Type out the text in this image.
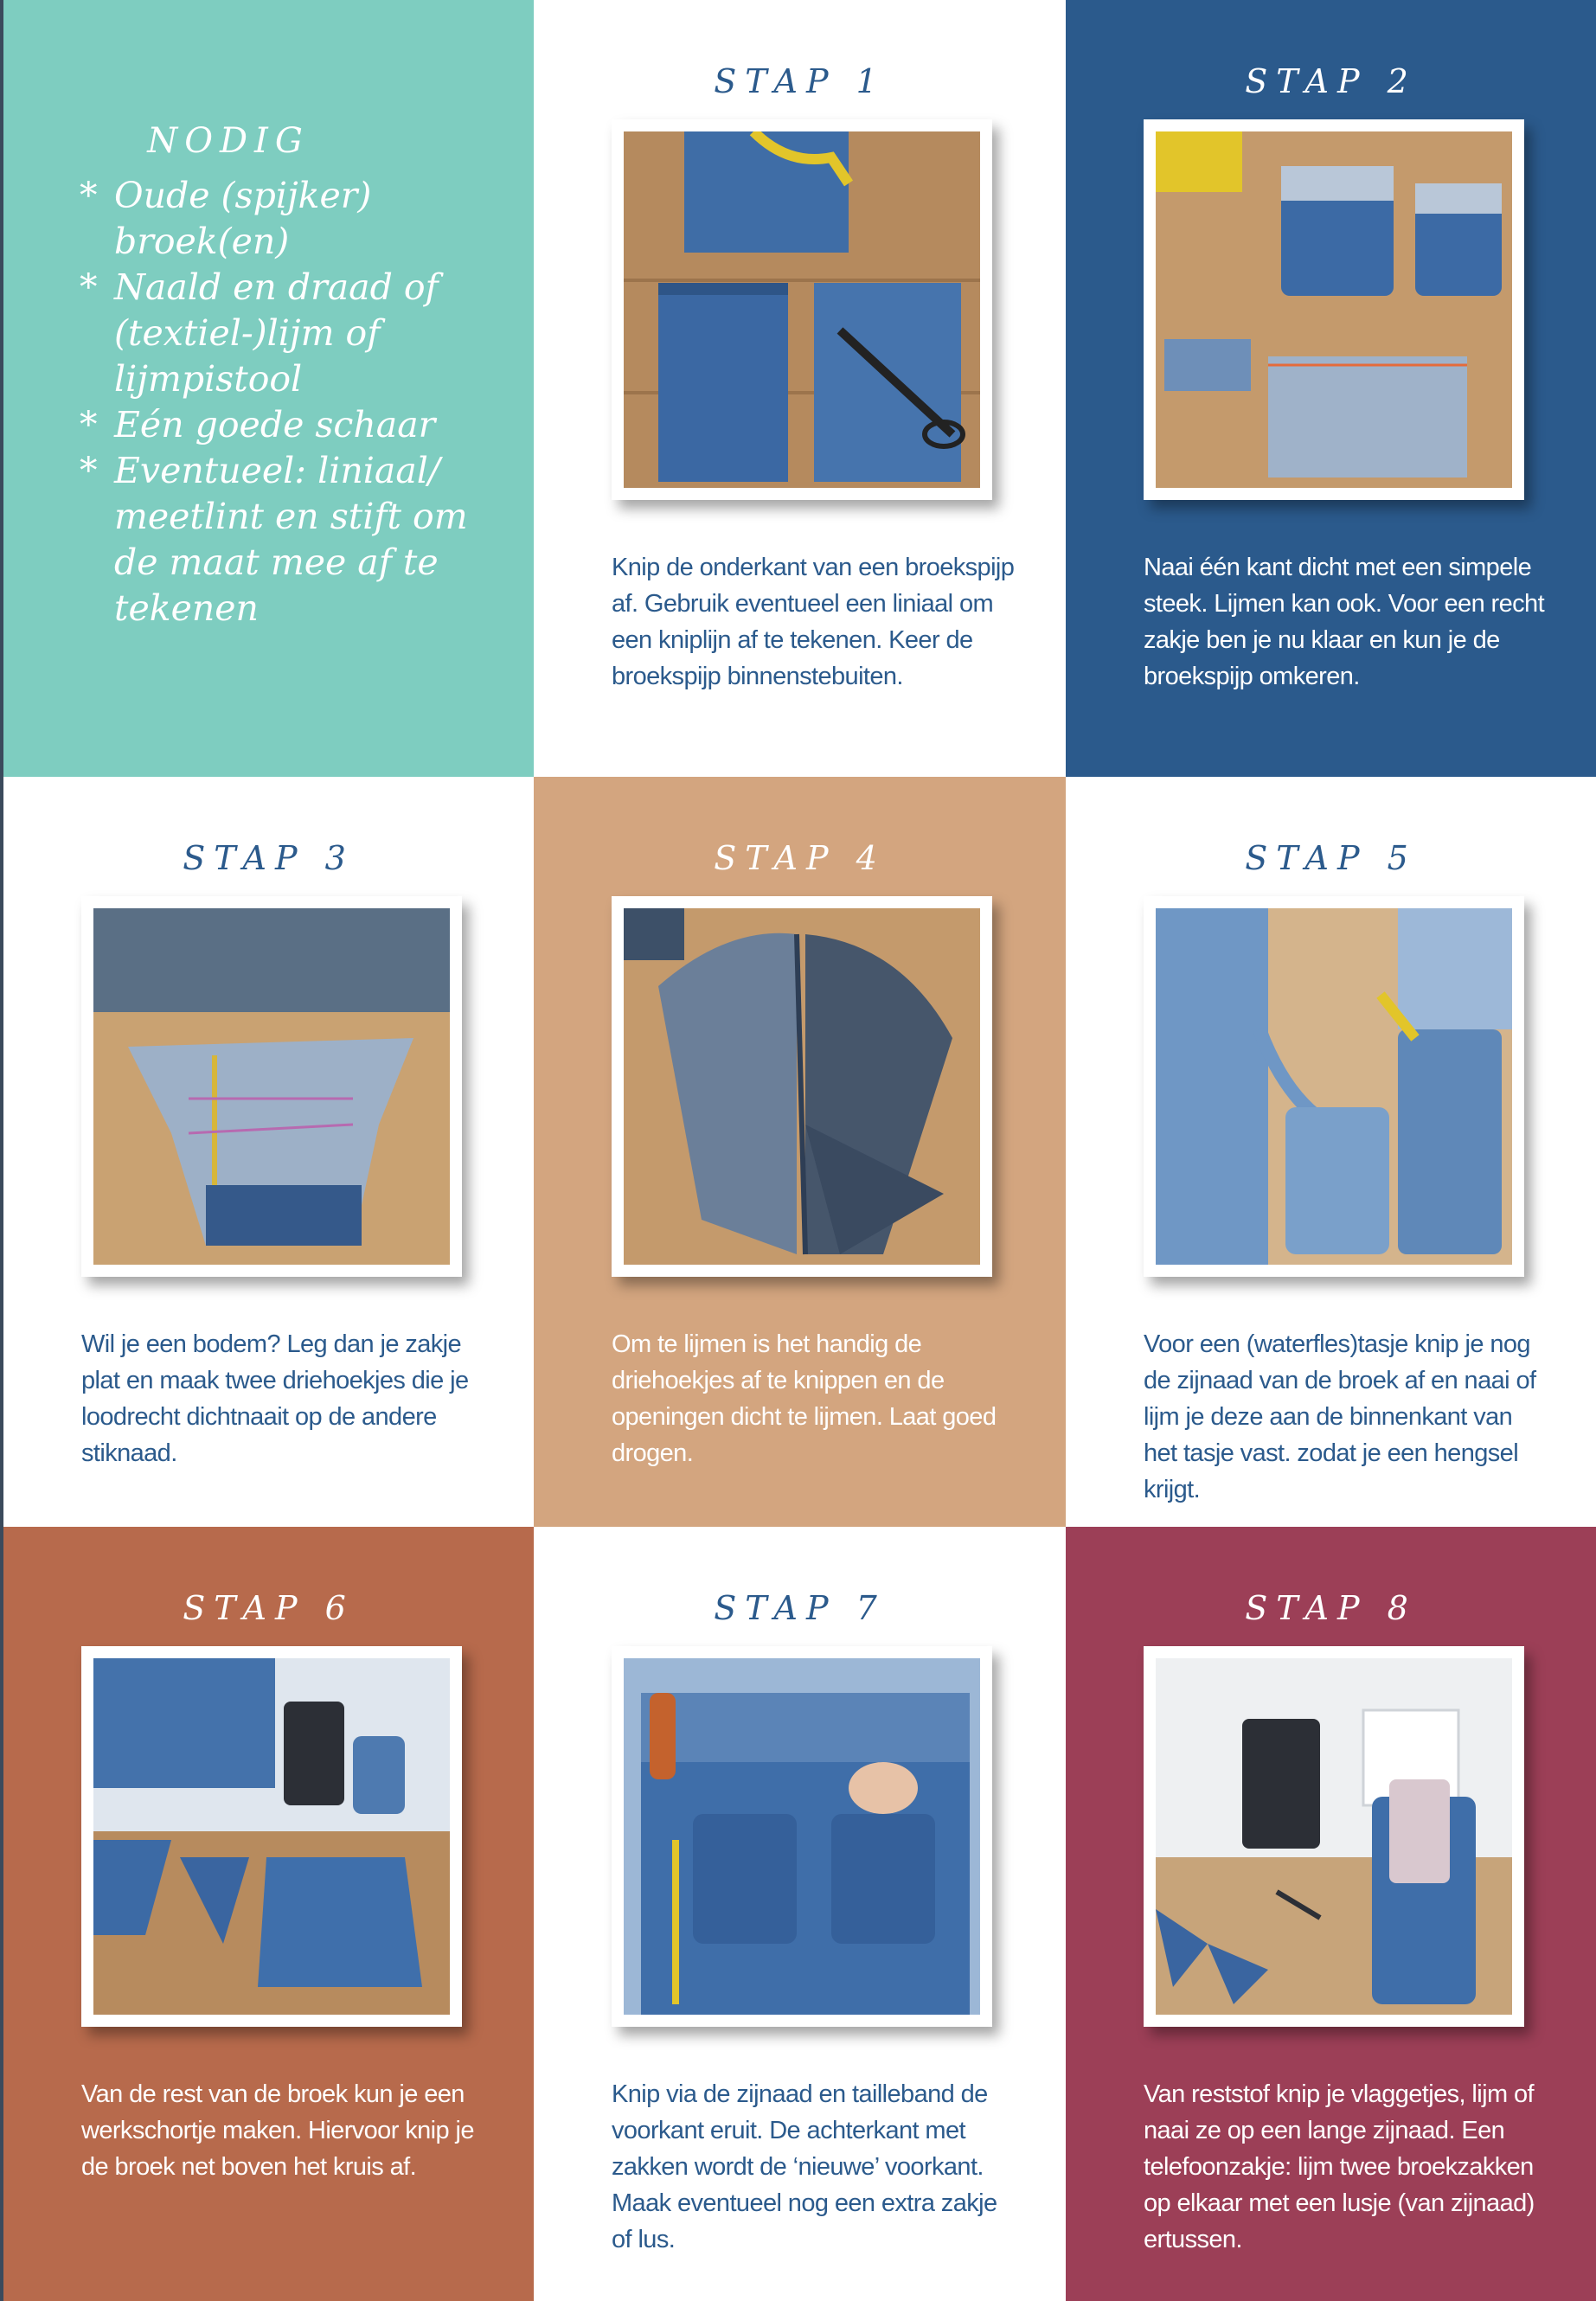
NODIG
* Oude (spijker) broek(en)
* Naald en draad of (textiel-)lijm of lijmpistool
* Eén goede schaar
* Eventueel: liniaal/ meetlint en stift om de maat mee af te tekenen
STAP 1
Knip de onderkant van een broekspijp af. Gebruik eventueel een liniaal om een kniplijn af te tekenen. Keer de broekspijp binnenstebuiten.
STAP 2
Naai één kant dicht met een simpele steek. Lijmen kan ook. Voor een recht zakje ben je nu klaar en kun je de broekspijp omkeren.
STAP 3
Wil je een bodem? Leg dan je zakje plat en maak twee driehoekjes die je loodrecht dichtnaait op de andere stiknaad.
STAP 4
Om te lijmen is het handig de driehoekjes af te knippen en de openingen dicht te lijmen. Laat goed drogen.
STAP 5
Voor een (waterfles)tasje knip je nog de zijnaad van de broek af en naai of lijm je deze aan de binnenkant van het tasje vast. zodat je een hengsel krijgt.
STAP 6
Van de rest van de broek kun je een werkschortje maken. Hiervoor knip je de broek net boven het kruis af.
STAP 7
Knip via de zijnaad en tailleband de voorkant eruit. De achterkant met zakken wordt de ‘nieuwe’ voorkant. Maak eventueel nog een extra zakje of lus.
STAP 8
Van reststof knip je vlaggetjes, lijm of naai ze op een lange zijnaad. Een telefoonzakje: lijm twee broekzakken op elkaar met een lusje (van zijnaad) ertussen.
